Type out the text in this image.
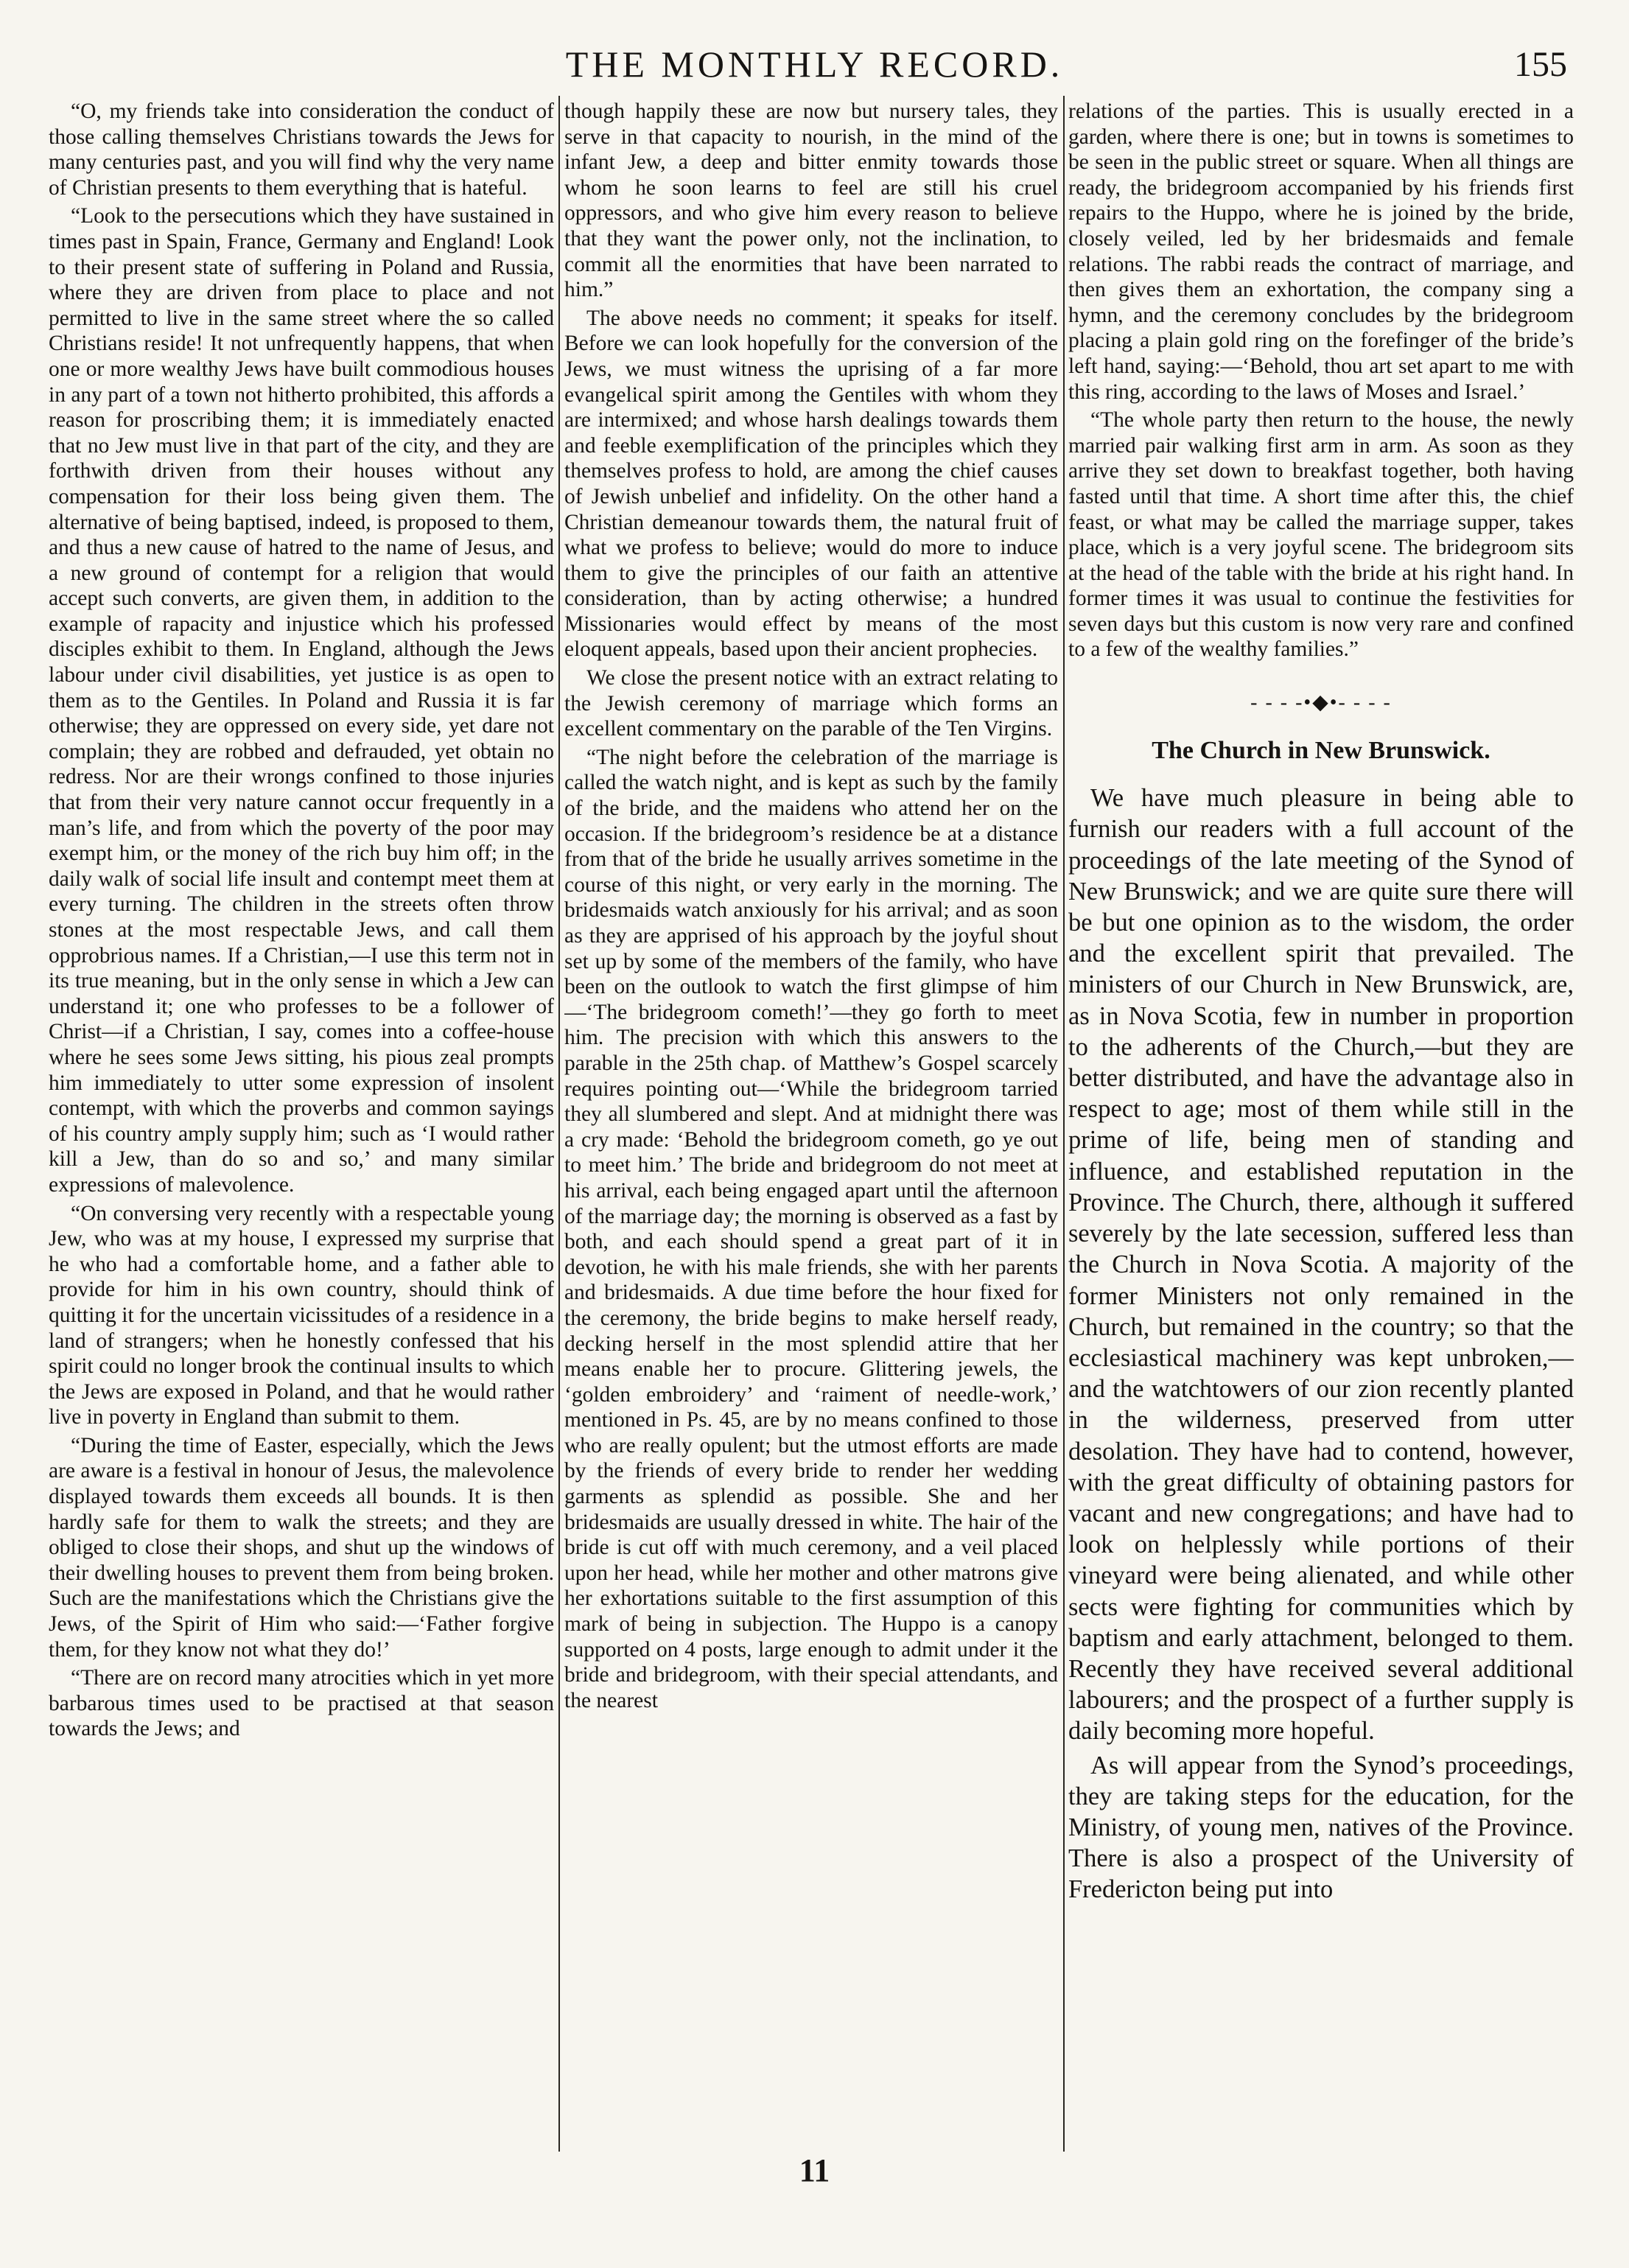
THE MONTHLY RECORD.	155

“O, my friends take into consideration the conduct of those calling themselves Christians towards the Jews for many centuries past, and you will find why the very name of Christian presents to them everything that is hateful.

“Look to the persecutions which they have sustained in times past in Spain, France, Germany and England! Look to their present state of suffering in Poland and Russia, where they are driven from place to place and not permitted to live in the same street where the so called Christians reside! It not unfrequently happens, that when one or more wealthy Jews have built commodious houses in any part of a town not hitherto prohibited, this affords a reason for proscribing them; it is immediately enacted that no Jew must live in that part of the city, and they are forthwith driven from their houses without any compensation for their loss being given them. The alternative of being baptised, indeed, is proposed to them, and thus a new cause of hatred to the name of Jesus, and a new ground of contempt for a religion that would accept such converts, are given them, in addition to the example of rapacity and injustice which his professed disciples exhibit to them. In England, although the Jews labour under civil disabilities, yet justice is as open to them as to the Gentiles. In Poland and Russia it is far otherwise; they are oppressed on every side, yet dare not complain; they are robbed and defrauded, yet obtain no redress. Nor are their wrongs confined to those injuries that from their very nature cannot occur frequently in a man’s life, and from which the poverty of the poor may exempt him, or the money of the rich buy him off; in the daily walk of social life insult and contempt meet them at every turning. The children in the streets often throw stones at the most respectable Jews, and call them opprobrious names. If a Christian,—I use this term not in its true meaning, but in the only sense in which a Jew can understand it; one who professes to be a follower of Christ—if a Christian, I say, comes into a coffee-house where he sees some Jews sitting, his pious zeal prompts him immediately to utter some expression of insolent contempt, with which the proverbs and common sayings of his country amply supply him; such as ‘I would rather kill a Jew, than do so and so,’ and many similar expressions of malevolence.

“On conversing very recently with a respectable young Jew, who was at my house, I expressed my surprise that he who had a comfortable home, and a father able to provide for him in his own country, should think of quitting it for the uncertain vicissitudes of a residence in a land of strangers; when he honestly confessed that his spirit could no longer brook the continual insults to which the Jews are exposed in Poland, and that he would rather live in poverty in England than submit to them.

“During the time of Easter, especially, which the Jews are aware is a festival in honour of Jesus, the malevolence displayed towards them exceeds all bounds. It is then hardly safe for them to walk the streets; and they are obliged to close their shops, and shut up the windows of their dwelling houses to prevent them from being broken. Such are the manifestations which the Christians give the Jews, of the Spirit of Him who said:—‘Father forgive them, for they know not what they do!’

“There are on record many atrocities which in yet more barbarous times used to be practised at that season towards the Jews; and

though happily these are now but nursery tales, they serve in that capacity to nourish, in the mind of the infant Jew, a deep and bitter enmity towards those whom he soon learns to feel are still his cruel oppressors, and who give him every reason to believe that they want the power only, not the inclination, to commit all the enormities that have been narrated to him.”

The above needs no comment; it speaks for itself. Before we can look hopefully for the conversion of the Jews, we must witness the uprising of a far more evangelical spirit among the Gentiles with whom they are intermixed; and whose harsh dealings towards them and feeble exemplification of the principles which they themselves profess to hold, are among the chief causes of Jewish unbelief and infidelity. On the other hand a Christian demeanour towards them, the natural fruit of what we profess to believe; would do more to induce them to give the principles of our faith an attentive consideration, than by acting otherwise; a hundred Missionaries would effect by means of the most eloquent appeals, based upon their ancient prophecies.

We close the present notice with an extract relating to the Jewish ceremony of marriage which forms an excellent commentary on the parable of the Ten Virgins.

“The night before the celebration of the marriage is called the watch night, and is kept as such by the family of the bride, and the maidens who attend her on the occasion. If the bridegroom’s residence be at a distance from that of the bride he usually arrives sometime in the course of this night, or very early in the morning. The bridesmaids watch anxiously for his arrival; and as soon as they are apprised of his approach by the joyful shout set up by some of the members of the family, who have been on the outlook to watch the first glimpse of him—‘The bridegroom cometh!’—they go forth to meet him. The precision with which this answers to the parable in the 25th chap. of Matthew’s Gospel scarcely requires pointing out—‘While the bridegroom tarried they all slumbered and slept. And at midnight there was a cry made: ‘Behold the bridegroom cometh, go ye out to meet him.’ The bride and bridegroom do not meet at his arrival, each being engaged apart until the afternoon of the marriage day; the morning is observed as a fast by both, and each should spend a great part of it in devotion, he with his male friends, she with her parents and bridesmaids. A due time before the hour fixed for the ceremony, the bride begins to make herself ready, decking herself in the most splendid attire that her means enable her to procure. Glittering jewels, the ‘golden embroidery’ and ‘raiment of needle-work,’ mentioned in Ps. 45, are by no means confined to those who are really opulent; but the utmost efforts are made by the friends of every bride to render her wedding garments as splendid as possible. She and her bridesmaids are usually dressed in white. The hair of the bride is cut off with much ceremony, and a veil placed upon her head, while her mother and other matrons give her exhortations suitable to the first assumption of this mark of being in subjection. The Huppo is a canopy supported on 4 posts, large enough to admit under it the bride and bridegroom, with their special attendants, and the nearest

relations of the parties. This is usually erected in a garden, where there is one; but in towns is sometimes to be seen in the public street or square. When all things are ready, the bridegroom accompanied by his friends first repairs to the Huppo, where he is joined by the bride, closely veiled, led by her bridesmaids and female relations. The rabbi reads the contract of marriage, and then gives them an exhortation, the company sing a hymn, and the ceremony concludes by the bridegroom placing a plain gold ring on the forefinger of the bride’s left hand, saying:—‘Behold, thou art set apart to me with this ring, according to the laws of Moses and Israel.’

“The whole party then return to the house, the newly married pair walking first arm in arm. As soon as they arrive they set down to breakfast together, both having fasted until that time. A short time after this, the chief feast, or what may be called the marriage supper, takes place, which is a very joyful scene. The bridegroom sits at the head of the table with the bride at his right hand. In former times it was usual to continue the festivities for seven days but this custom is now very rare and confined to a few of the wealthy families.”

- - - -•◆•- - - -
The Church in New Brunswick.

We have much pleasure in being able to furnish our readers with a full account of the proceedings of the late meeting of the Synod of New Brunswick; and we are quite sure there will be but one opinion as to the wisdom, the order and the excellent spirit that prevailed. The ministers of our Church in New Brunswick, are, as in Nova Scotia, few in number in proportion to the adherents of the Church,—but they are better distributed, and have the advantage also in respect to age; most of them while still in the prime of life, being men of standing and influence, and established reputation in the Province. The Church, there, although it suffered severely by the late secession, suffered less than the Church in Nova Scotia. A majority of the former Ministers not only remained in the Church, but remained in the country; so that the ecclesiastical machinery was kept unbroken,—and the watchtowers of our zion recently planted in the wilderness, preserved from utter desolation. They have had to contend, however, with the great difficulty of obtaining pastors for vacant and new congregations; and have had to look on helplessly while portions of their vineyard were being alienated, and while other sects were fighting for communities which by baptism and early attachment, belonged to them. Recently they have received several additional labourers; and the prospect of a further supply is daily becoming more hopeful.

As will appear from the Synod’s proceedings, they are taking steps for the education, for the Ministry, of young men, natives of the Province. There is also a prospect of the University of Fredericton being put into

11
